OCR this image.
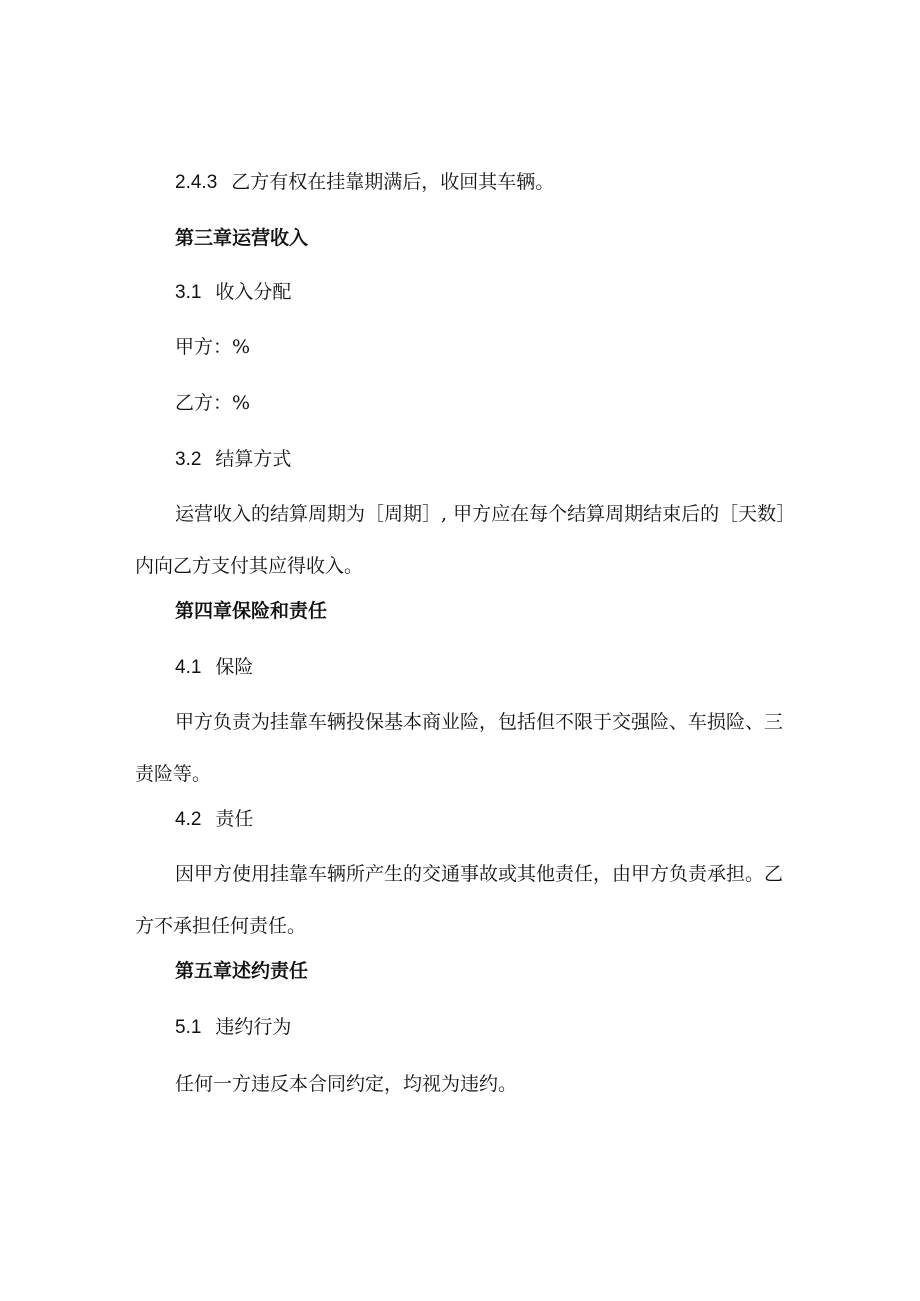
2.4.3 乙方有权在挂靠期满后，收回其车辆。
第三章运营收入
3.1 收入分配
甲方：%
乙方：%
3.2 结算方式
运营收入的结算周期为［周期］, 甲方应在每个结算周期结束后的［天数］内向乙方支付其应得收入。
第四章保险和责任
4.1 保险
甲方负责为挂靠车辆投保基本商业险，包括但不限于交强险、车损险、三责险等。
4.2 责任
因甲方使用挂靠车辆所产生的交通事故或其他责任，由甲方负责承担。乙方不承担任何责任。
第五章述约责任
5.1 违约行为
任何一方违反本合同约定，均视为违约。
